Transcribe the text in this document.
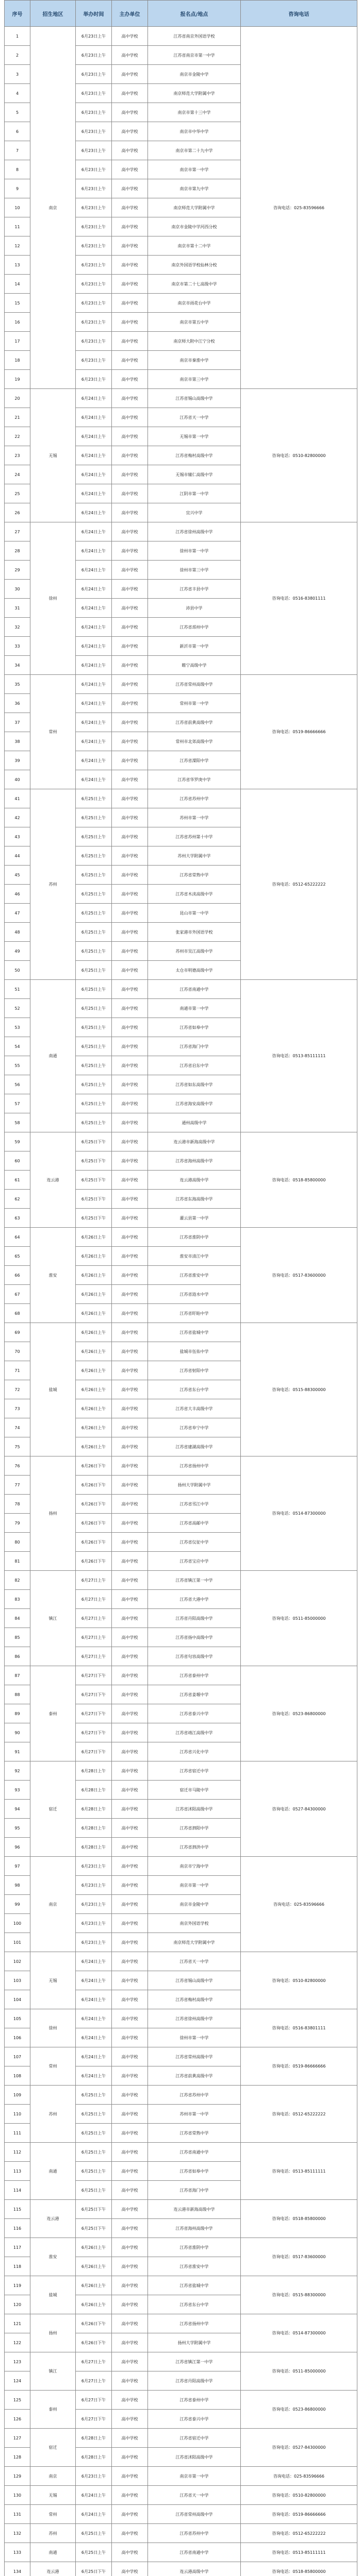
序号	招生地区	举办时间	主办单位	报名点/地点	咨询电话
1	南京	6月23日上午	高中学校	江苏省南京外国语学校	咨询电话：025-83596666
2		6月23日上午	高中学校	江苏省南京市第一中学	
3		6月23日上午	高中学校	南京市金陵中学	
4		6月23日上午	高中学校	南京师范大学附属中学	
5		6月23日上午	高中学校	南京市第十三中学	
6		6月23日上午	高中学校	南京市中华中学	
7		6月23日上午	高中学校	南京市第二十九中学	
8		6月23日上午	高中学校	南京市第一中学	
9		6月23日上午	高中学校	南京市第九中学	
10		6月23日上午	高中学校	南京师范大学附属中学	
11		6月23日上午	高中学校	南京市金陵中学河西分校	
12		6月23日上午	高中学校	南京市第十二中学	
13		6月23日上午	高中学校	南京外国语学校仙林分校	
14		6月23日上午	高中学校	南京市第二十七高级中学	
15		6月23日上午	高中学校	南京市雨花台中学	
16		6月23日上午	高中学校	南京市第五中学	
17		6月23日上午	高中学校	南京师大附中江宁分校	
18		6月23日上午	高中学校	南京市秦淮中学	
19		6月23日上午	高中学校	南京市第三中学	
20	无锡	6月24日上午	高中学校	江苏省锡山高级中学	咨询电话：0510-82800000
21		6月24日上午	高中学校	江苏省天一中学	
22		6月24日上午	高中学校	无锡市第一中学	
23		6月24日上午	高中学校	江苏省梅村高级中学	
24		6月24日上午	高中学校	无锡市辅仁高级中学	
25		6月24日上午	高中学校	江阴市第一中学	
26		6月24日上午	高中学校	宜兴中学	
27	徐州	6月24日上午	高中学校	江苏省徐州高级中学	咨询电话：0516-83801111
28		6月24日上午	高中学校	徐州市第一中学	
29		6月24日上午	高中学校	徐州市第三中学	
30		6月24日上午	高中学校	江苏省丰县中学	
31		6月24日上午	高中学校	沛县中学	
32		6月24日上午	高中学校	江苏省邳州中学	
33		6月24日上午	高中学校	新沂市第一中学	
34		6月24日上午	高中学校	睢宁高级中学	
35	常州	6月24日上午	高中学校	江苏省常州高级中学	咨询电话：0519-86666666
36		6月24日上午	高中学校	常州市第一中学	
37		6月24日上午	高中学校	江苏省前黄高级中学	
38		6月24日上午	高中学校	常州市北郊高级中学	
39		6月24日上午	高中学校	江苏省溧阳中学	
40		6月24日上午	高中学校	江苏省华罗庚中学	
41	苏州	6月25日上午	高中学校	江苏省苏州中学	咨询电话：0512-65222222
42		6月25日上午	高中学校	苏州市第一中学	
43		6月25日上午	高中学校	江苏省苏州第十中学	
44		6月25日上午	高中学校	苏州大学附属中学	
45		6月25日上午	高中学校	江苏省常熟中学	
46		6月25日上午	高中学校	江苏省木渎高级中学	
47		6月25日上午	高中学校	昆山市第一中学	
48		6月25日上午	高中学校	张家港市外国语学校	
49		6月25日上午	高中学校	苏州市吴江高级中学	
50		6月25日上午	高中学校	太仓市明德高级中学	
51	南通	6月25日上午	高中学校	江苏省南通中学	咨询电话：0513-85111111
52		6月25日上午	高中学校	南通市第一中学	
53		6月25日上午	高中学校	江苏省如皋中学	
54		6月25日上午	高中学校	江苏省海门中学	
55		6月25日上午	高中学校	江苏省启东中学	
56		6月25日上午	高中学校	江苏省如东高级中学	
57		6月25日上午	高中学校	江苏省海安高级中学	
58		6月25日上午	高中学校	通州高级中学	
59	连云港	6月25日下午	高中学校	连云港市新海高级中学	咨询电话：0518-85800000
60		6月25日下午	高中学校	江苏省海州高级中学	
61		6月25日下午	高中学校	连云港高级中学	
62		6月25日下午	高中学校	江苏省东海高级中学	
63		6月25日下午	高中学校	灌云县第一中学	
64	淮安	6月26日上午	高中学校	江苏省淮阴中学	咨询电话：0517-83600000
65		6月26日上午	高中学校	淮安市清江中学	
66		6月26日上午	高中学校	江苏省淮安中学	
67		6月26日上午	高中学校	江苏省涟水中学	
68		6月26日上午	高中学校	江苏省盱眙中学	
69	盐城	6月26日上午	高中学校	江苏省盐城中学	咨询电话：0515-88300000
70		6月26日上午	高中学校	盐城市伍佑中学	
71		6月26日上午	高中学校	江苏省射阳中学	
72		6月26日上午	高中学校	江苏省东台中学	
73		6月26日上午	高中学校	江苏省大丰高级中学	
74		6月26日上午	高中学校	江苏省阜宁中学	
75		6月26日上午	高中学校	江苏省建湖高级中学	
76	扬州	6月26日下午	高中学校	江苏省扬州中学	咨询电话：0514-87300000
77		6月26日下午	高中学校	扬州大学附属中学	
78		6月26日下午	高中学校	江苏省邗江中学	
79		6月26日下午	高中学校	江苏省高邮中学	
80		6月26日下午	高中学校	江苏省仪征中学	
81		6月26日下午	高中学校	江苏省宝应中学	
82	镇江	6月27日上午	高中学校	江苏省镇江第一中学	咨询电话：0511-85000000
83		6月27日上午	高中学校	江苏省大港中学	
84		6月27日上午	高中学校	江苏省丹阳高级中学	
85		6月27日上午	高中学校	江苏省扬中高级中学	
86		6月27日上午	高中学校	江苏省句容高级中学	
87	泰州	6月27日下午	高中学校	江苏省泰州中学	咨询电话：0523-86800000
88		6月27日下午	高中学校	江苏省姜堰中学	
89		6月27日下午	高中学校	江苏省泰兴中学	
90		6月27日下午	高中学校	江苏省靖江高级中学	
91		6月27日下午	高中学校	江苏省兴化中学	
92	宿迁	6月28日上午	高中学校	江苏省宿迁中学	咨询电话：0527-84300000
93		6月28日上午	高中学校	宿迁市马陵中学	
94		6月28日上午	高中学校	江苏省沭阳高级中学	
95		6月28日上午	高中学校	江苏省泗阳中学	
96		6月28日上午	高中学校	江苏省泗洪中学	
97	南京	6月23日上午	高中学校	南京市宁海中学	咨询电话：025-83596666
98		6月23日上午	高中学校	南京市第一中学	
99		6月23日上午	高中学校	南京市金陵中学	
100		6月23日上午	高中学校	南京外国语学校	
101		6月23日上午	高中学校	南京师范大学附属中学	
102	无锡	6月24日上午	高中学校	江苏省天一中学	咨询电话：0510-82800000
103		6月24日上午	高中学校	江苏省锡山高级中学	
104		6月24日上午	高中学校	江苏省梅村高级中学	
105	徐州	6月24日上午	高中学校	江苏省徐州高级中学	咨询电话：0516-83801111
106		6月24日上午	高中学校	徐州市第一中学	
107	常州	6月24日上午	高中学校	江苏省常州高级中学	咨询电话：0519-86666666
108		6月24日上午	高中学校	江苏省前黄高级中学	
109	苏州	6月25日上午	高中学校	江苏省苏州中学	咨询电话：0512-65222222
110		6月25日上午	高中学校	苏州市第一中学	
111		6月25日上午	高中学校	江苏省常熟中学	
112	南通	6月25日上午	高中学校	江苏省南通中学	咨询电话：0513-85111111
113		6月25日上午	高中学校	江苏省如皋中学	
114		6月25日上午	高中学校	江苏省海门中学	
115	连云港	6月25日下午	高中学校	连云港市新海高级中学	咨询电话：0518-85800000
116		6月25日下午	高中学校	江苏省海州高级中学	
117	淮安	6月26日上午	高中学校	江苏省淮阴中学	咨询电话：0517-83600000
118		6月26日上午	高中学校	江苏省淮安中学	
119	盐城	6月26日上午	高中学校	江苏省盐城中学	咨询电话：0515-88300000
120		6月26日上午	高中学校	江苏省东台中学	
121	扬州	6月26日下午	高中学校	江苏省扬州中学	咨询电话：0514-87300000
122		6月26日下午	高中学校	扬州大学附属中学	
123	镇江	6月27日上午	高中学校	江苏省镇江第一中学	咨询电话：0511-85000000
124		6月27日上午	高中学校	江苏省丹阳高级中学	
125	泰州	6月27日下午	高中学校	江苏省泰州中学	咨询电话：0523-86800000
126		6月27日下午	高中学校	江苏省泰兴中学	
127	宿迁	6月28日上午	高中学校	江苏省宿迁中学	咨询电话：0527-84300000
128		6月28日上午	高中学校	江苏省沭阳高级中学	
129	南京	6月23日上午	高中学校	南京市第一中学	咨询电话：025-83596666
130	无锡	6月24日上午	高中学校	江苏省天一中学	咨询电话：0510-82800000
131	常州	6月24日上午	高中学校	江苏省常州高级中学	咨询电话：0519-86666666
132	苏州	6月25日上午	高中学校	江苏省苏州中学	咨询电话：0512-65222222
133	南通	6月25日上午	高中学校	江苏省南通中学	咨询电话：0513-85111111
134	连云港	6月25日下午	高中学校	连云港高级中学	咨询电话：0518-85800000
